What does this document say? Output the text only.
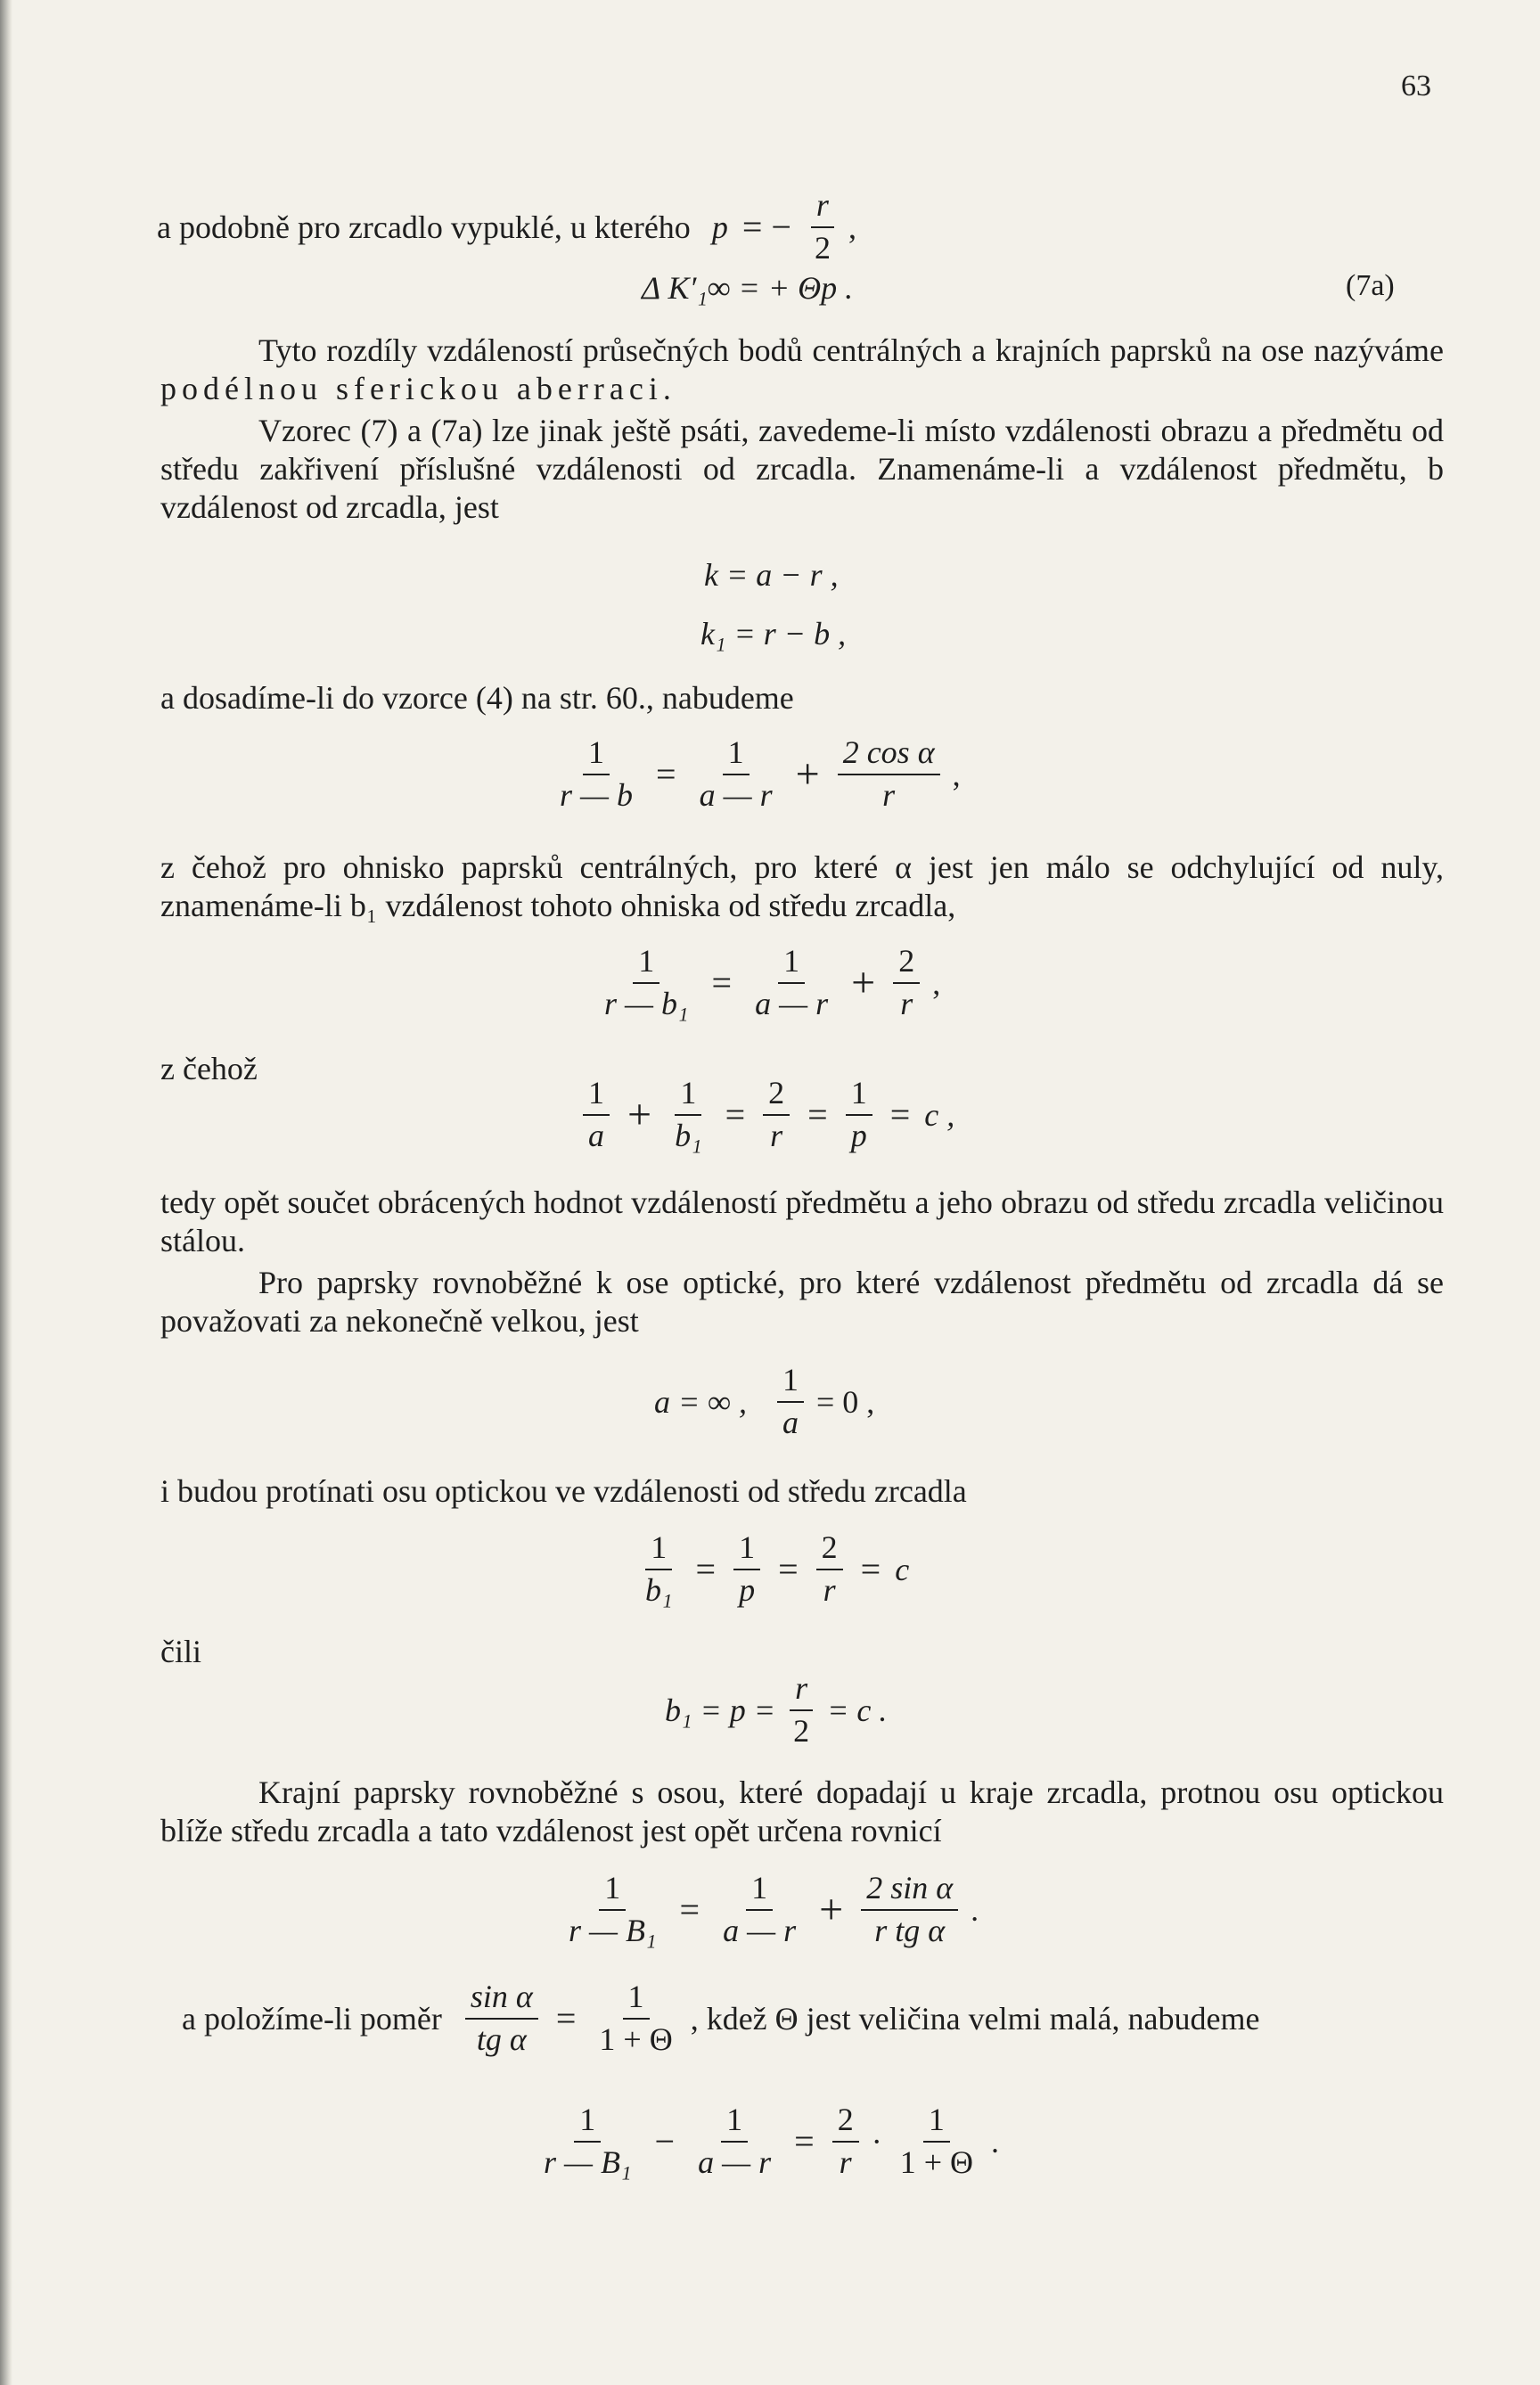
63
a podobně pro zrcadlo vypuklé, u kterého p = − $\frac{r}{2}$ ,
Δ K′₁∞ = + Θp .	(7a)
Tyto rozdíly vzdáleností průsečných bodů centrálných a krajních paprsků na ose nazýváme podélnou sferickou aberraci.
Vzorec (7) a (7a) lze jinak ještě psáti, zavedeme-li místo vzdálenosti obrazu a předmětu od středu zakřivení příslušné vzdálenosti od zrcadla. Znamenáme-li a vzdálenost předmětu, b vzdálenost od zrcadla, jest
k = a − r ,
k₁ = r − b ,
a dosadíme-li do vzorce (4) na str. 60., nabudeme
$\frac{1}{r — b} = \frac{1}{a — r} + \frac{\text{2 cos α}}{r}$ ,
z čehož pro ohnisko paprsků centrálných, pro které α jest jen málo se odchylující od nuly, znamenáme-li b₁ vzdálenost tohoto ohniska od středu zrcadla,
$\frac{1}{\text{r — b₁}} = \frac{1}{a — r} + \frac{2}{r}$ ,
z čehož
$\frac{1}{a} + \frac{1}{\text{b₁}} = \frac{2}{r} = \frac{1}{p} = c$ ,
tedy opět součet obrácených hodnot vzdáleností předmětu a jeho obrazu od středu zrcadla veličinou stálou.
Pro paprsky rovnoběžné k ose optické, pro které vzdálenost předmětu od zrcadla dá se považovati za nekonečně velkou, jest
a = ∞ , $\frac{1}{a} = 0$ ,
i budou protínati osu optickou ve vzdálenosti od středu zrcadla
$\frac{1}{\text{b₁}} = \frac{1}{p} = \frac{2}{r} = c$
čili
$b_1 = p = \frac{r}{2} = c$ .
Krajní paprsky rovnoběžné s osou, které dopadají u kraje zrcadla, protnou osu optickou blíže středu zrcadla a tato vzdálenost jest opět určena rovnicí
$\frac{1}{\text{r — B₁}} = \frac{1}{a — r} + \frac{\text{2 sin α}}{\text{r tg α}}$ .
a položíme-li poměr $\frac{\text{sin α}}{\text{tg α}} = \frac{1}{1 + \Theta}$ , kdež Θ jest veličina velmi malá, nabudeme
$\frac{1}{\text{r — B₁}} - \frac{1}{a — r} = \frac{2}{r} \cdot \frac{1}{1 + \Theta}$ .
